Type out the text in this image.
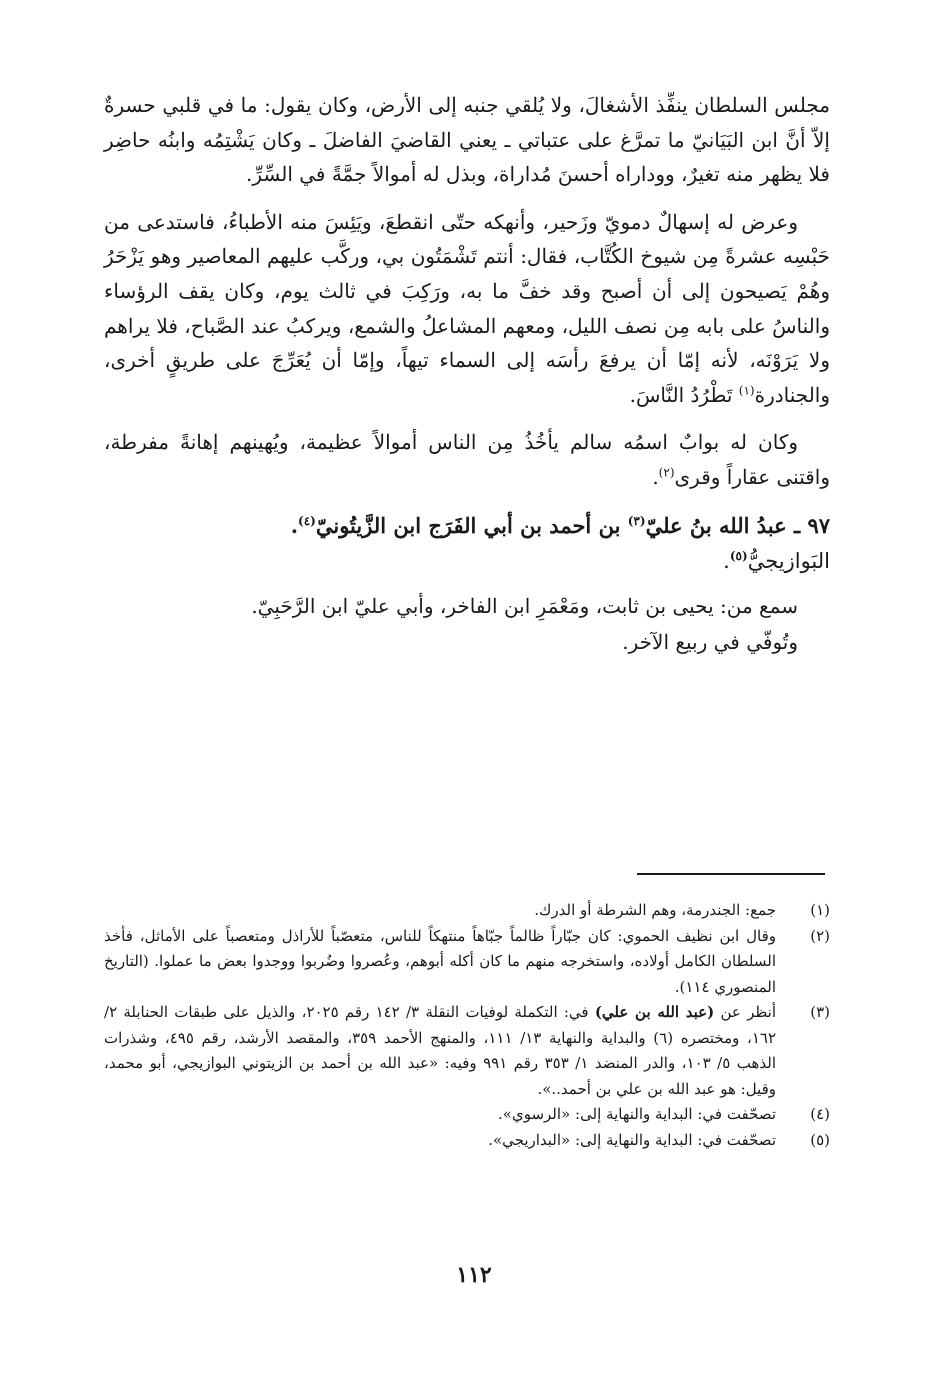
مجلس السلطان ينفِّذ الأشغالَ، ولا يُلقي جنبه إلى الأرض، وكان يقول: ما في قلبي حسرةٌ إلاّ أنَّ ابن البَيَانيّ ما تمرَّغ على عتباتي ـ يعني القاضيَ الفاضلَ ـ وكان يَشْتِمُه وابنُه حاضِر فلا يظهر منه تغيرٌ، ووداراه أحسنَ مُداراة، وبذل له أموالاً جمَّةً في السِّرِّ.

وعرض له إسهالٌ دمويّ وزَحير، وأنهكه حتّى انقطعَ، ويَئِسَ منه الأطباءُ، فاستدعى من حَبْسِه عشرةً مِن شيوخ الكُتَّاب، فقال: أنتم تَشْمَتُون بي، وركَّب عليهم المعاصير وهو يَزْحَرُ وهُمْ يَصيحون إلى أن أصبح وقد خفَّ ما به، ورَكِبَ في ثالث يوم، وكان يقف الرؤساء والناسُ على بابه مِن نصف الليل، ومعهم المشاعلُ والشمع، ويركبُ عند الصَّباح، فلا يراهم ولا يَرَوْنَه، لأنه إمّا أن يرفعَ رأسَه إلى السماء تيهاً، وإمّا أن يُعَرِّجَ على طريقٍ أخرى، والجنادرة$^{(١)}$ تَطْرُدُ النَّاسَ.

وكان له بوابٌ اسمُه سالم يأخُذُ مِن الناس أموالاً عظيمة، ويُهينهم إهانةً مفرطة، واقتنى عقاراً وقرى$^{(٢)}$.

٩٧ ـ عبدُ الله بنُ عليّ$^{(٣)}$ بن أحمد بن أبي الفَرَج ابن الزَّيتُونيّ$^{(٤)}$.
البَوازيجيُّ$^{(٥)}$.

سمع من: يحيى بن ثابت، ومَعْمَرِ ابن الفاخر، وأبي عليّ ابن الرَّحَبِيّ.

وتُوفّي في ربيع الآخر.

(١)
جمع: الجندرمة، وهم الشرطة أو الدرك.
(٢)
وقال ابن نظيف الحموي: كان جبّاراً ظالماً جبّاهاً منتهكاً للناس، متعصّباً للأراذل ومتعصباً على الأماثل، فأخذ السلطان الكامل أولاده، واستخرجه منهم ما كان أكله أبوهم، وعُصروا وضُربوا ووجدوا بعض ما عملوا. (التاريخ المنصوري ١١٤).
(٣)
أنظر عن (عبد الله بن علي) في: التكملة لوفيات النقلة ٣/ ١٤٢ رقم ٢٠٢٥، والذيل على طبقات الحنابلة ٢/ ١٦٢، ومختصره (٦) والبداية والنهاية ١٣/ ١١١، والمنهج الأحمد ٣٥٩، والمقصد الأرشد، رقم ٤٩٥، وشذرات الذهب ٥/ ١٠٣، والدر المنضد ١/ ٣٥٣ رقم ٩٩١ وفيه: «عبد الله بن أحمد بن الزيتوني البوازيجي، أبو محمد، وقيل: هو عبد الله بن علي بن أحمد..».
(٤)
تصحّفت في: البداية والنهاية إلى: «الرسوي».
(٥)
تصحّفت في: البداية والنهاية إلى: «البداريجي».
١١٢
